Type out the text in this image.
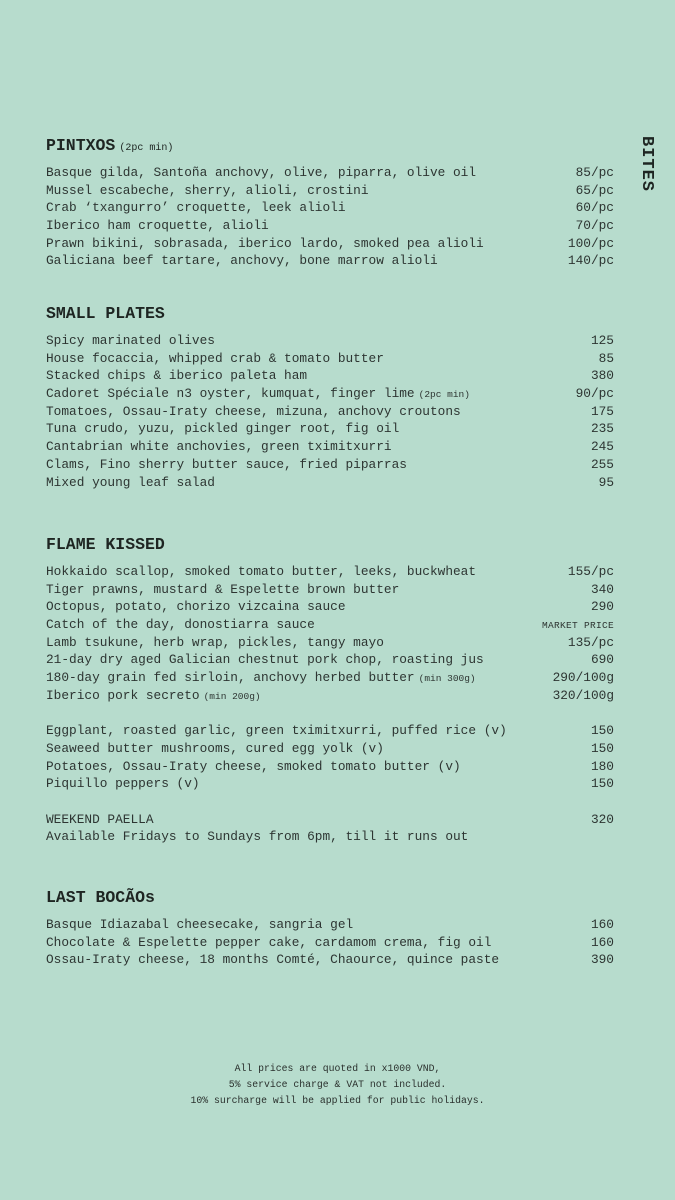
BITES
PINTXOS (2pc min)
Basque gilda, Santoña anchovy, olive, piparra, olive oil	85/pc
Mussel escabeche, sherry, alioli, crostini	65/pc
Crab ‘txangurro’ croquette, leek alioli	60/pc
Iberico ham croquette, alioli	70/pc
Prawn bikini, sobrasada, iberico lardo, smoked pea alioli	100/pc
Galiciana beef tartare, anchovy, bone marrow alioli	140/pc
SMALL PLATES
Spicy marinated olives	125
House focaccia, whipped crab & tomato butter	85
Stacked chips & iberico paleta ham	380
Cadoret Spéciale n3 oyster, kumquat, finger lime (2pc min)	90/pc
Tomatoes, Ossau-Iraty cheese, mizuna, anchovy croutons	175
Tuna crudo, yuzu, pickled ginger root, fig oil	235
Cantabrian white anchovies, green tximitxurri	245
Clams, Fino sherry butter sauce, fried piparras	255
Mixed young leaf salad	95
FLAME KISSED
Hokkaido scallop, smoked tomato butter, leeks, buckwheat	155/pc
Tiger prawns, mustard & Espelette brown butter	340
Octopus, potato, chorizo vizcaina sauce	290
Catch of the day, donostiarra sauce	MARKET PRICE
Lamb tsukune, herb wrap, pickles, tangy mayo	135/pc
21-day dry aged Galician chestnut pork chop, roasting jus	690
180-day grain fed sirloin, anchovy herbed butter (min 300g)	290/100g
Iberico pork secreto (min 200g)	320/100g
Eggplant, roasted garlic, green tximitxurri, puffed rice (v)	150
Seaweed butter mushrooms, cured egg yolk (v)	150
Potatoes, Ossau-Iraty cheese, smoked tomato butter (v)	180
Piquillo peppers (v)	150
WEEKEND PAELLA	320
Available Fridays to Sundays from 6pm, till it runs out
LAST BOCÃOs
Basque Idiazabal cheesecake, sangria gel	160
Chocolate & Espelette pepper cake, cardamom crema, fig oil	160
Ossau-Iraty cheese, 18 months Comté, Chaource, quince paste	390
All prices are quoted in x1000 VND,
5% service charge & VAT not included.
10% surcharge will be applied for public holidays.
